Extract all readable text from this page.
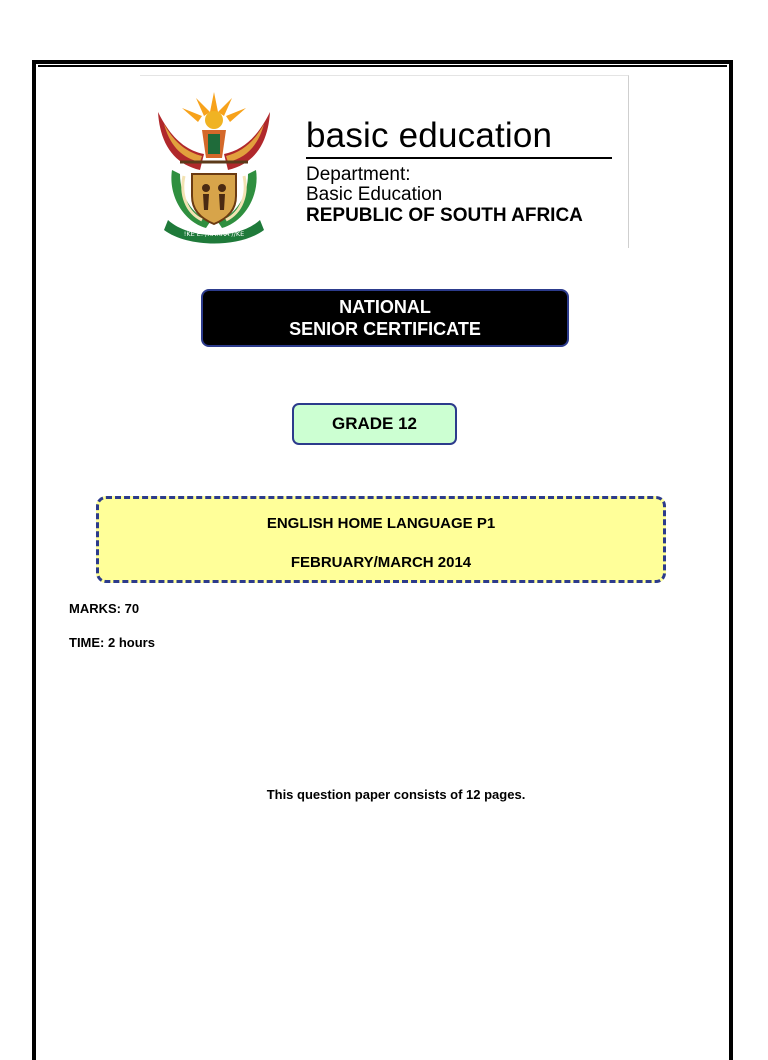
!KE E: /XARRA //KE
basic education
Department:
Basic Education
REPUBLIC OF SOUTH AFRICA
NATIONAL
SENIOR CERTIFICATE
GRADE 12
ENGLISH HOME LANGUAGE P1
FEBRUARY/MARCH 2014
MARKS: 70
TIME: 2 hours
This question paper consists of 12 pages.
